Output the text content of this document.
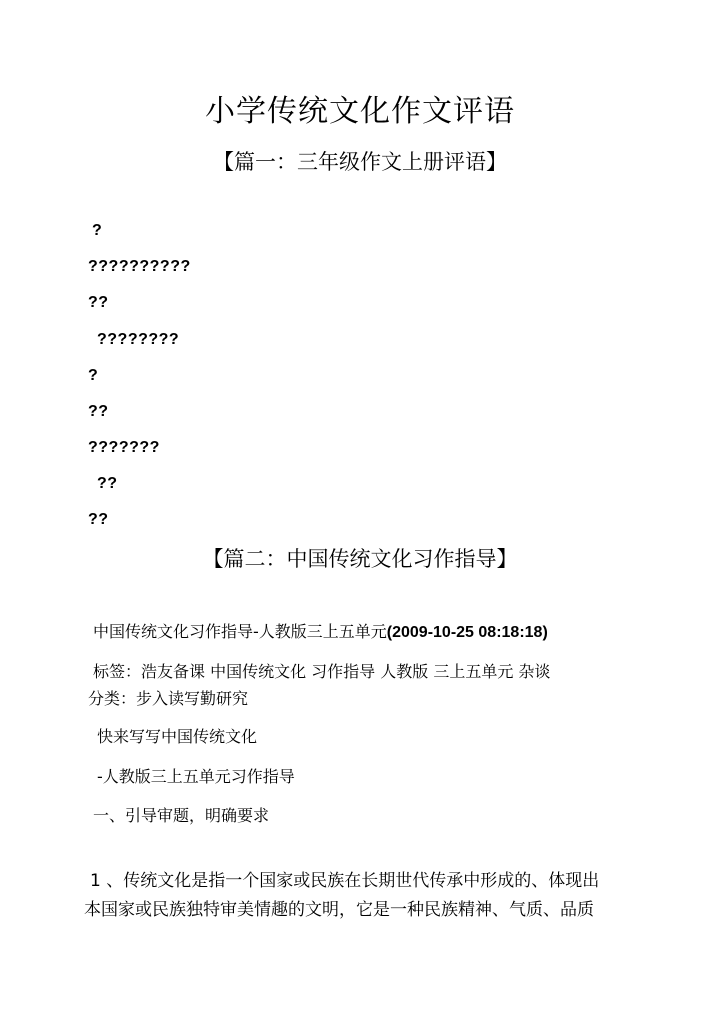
小学传统文化作文评语
【篇一：三年级作文上册评语】
?
??????????
??
????????
?
??
???????
??
??
【篇二：中国传统文化习作指导】
中国传统文化习作指导-人教版三上五单元(2009-10-25 08:18:18)
标签：浩友备课 中国传统文化 习作指导 人教版 三上五单元 杂谈
分类：步入读写勤研究
快来写写中国传统文化
-人教版三上五单元习作指导
一、引导审题，明确要求
1 、传统文化是指一个国家或民族在长期世代传承中形成的、体现出
本国家或民族独特审美情趣的文明，它是一种民族精神、气质、品质
